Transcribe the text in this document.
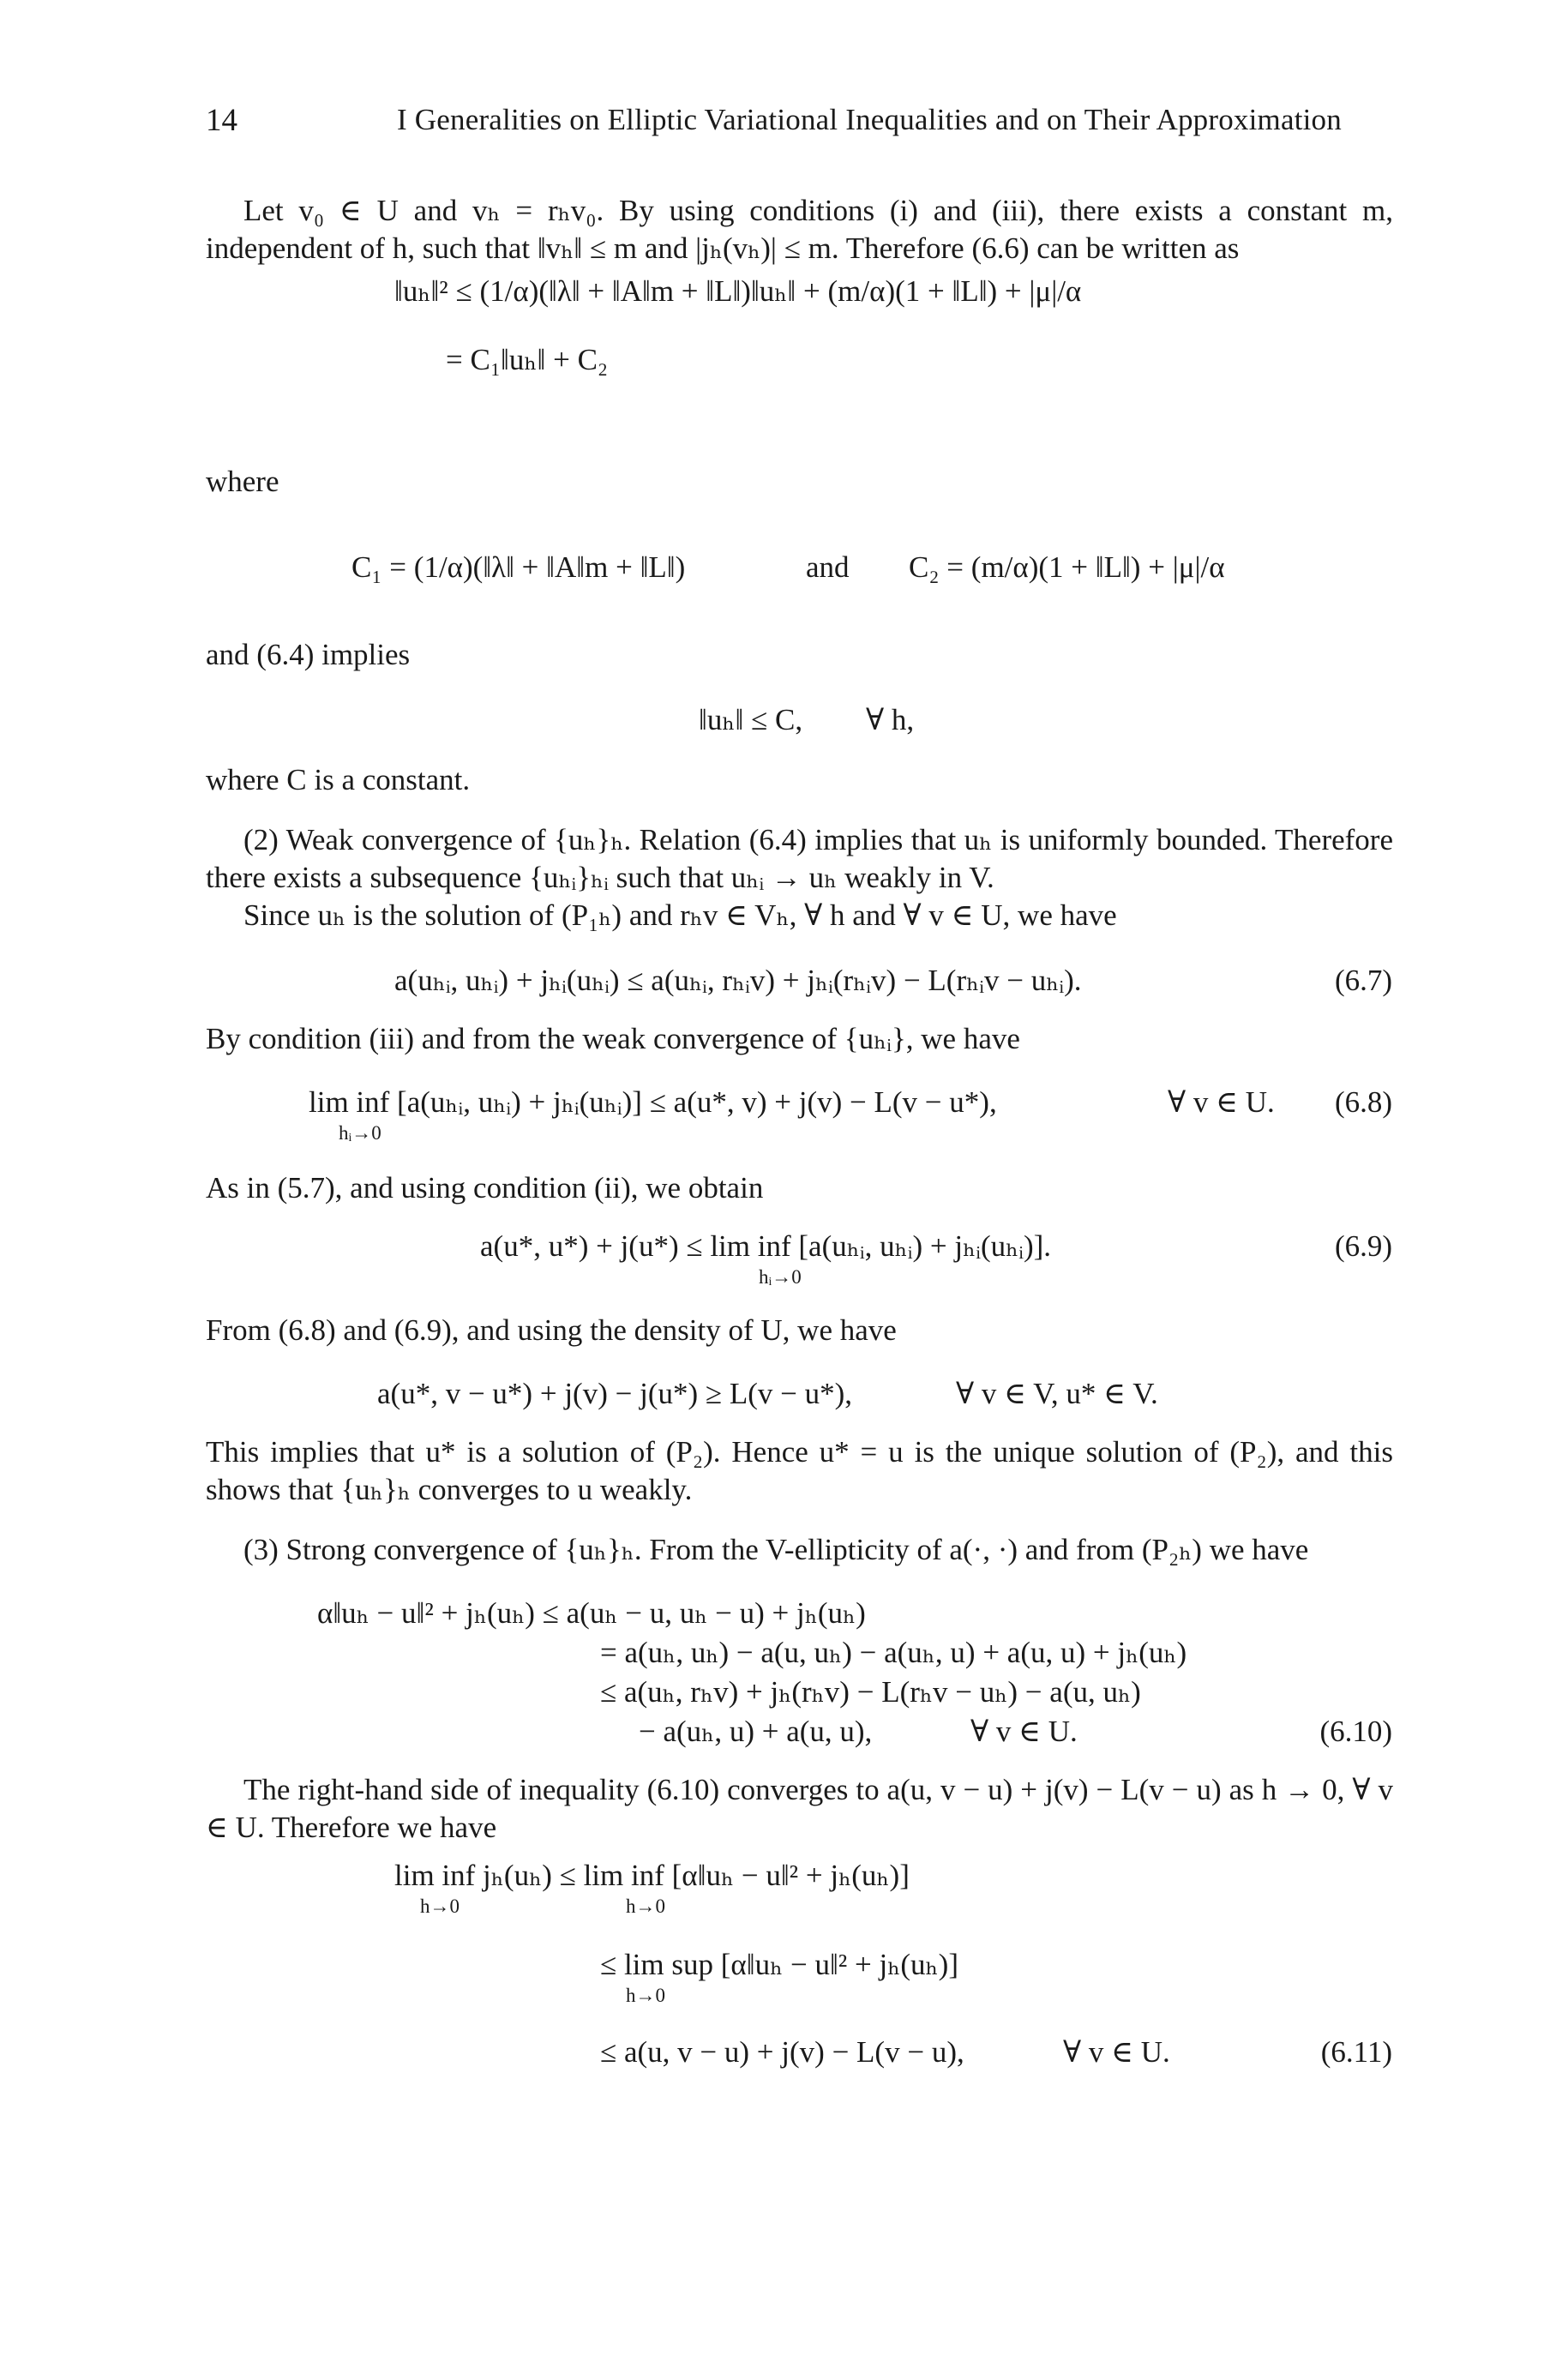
14	I Generalities on Elliptic Variational Inequalities and on Their Approximation
Let v₀ ∈ U and vₕ = rₕv₀. By using conditions (i) and (iii), there exists a constant m, independent of h, such that ‖vₕ‖ ≤ m and |jₕ(vₕ)| ≤ m. Therefore (6.6) can be written as
‖uₕ‖² ≤ (1/α)(‖λ‖ + ‖A‖m + ‖L‖)‖uₕ‖ + (m/α)(1 + ‖L‖) + |μ|/α
= C₁‖uₕ‖ + C₂
where
C₁ = (1/α)(‖λ‖ + ‖A‖m + ‖L‖)	and C₂ = (m/α)(1 + ‖L‖) + |μ|/α
and (6.4) implies
‖uₕ‖ ≤ C, ∀ h,
where C is a constant.
(2) Weak convergence of {uₕ}ₕ. Relation (6.4) implies that uₕ is uniformly bounded. Therefore there exists a subsequence {uₕᵢ}ₕᵢ such that uₕᵢ → uₕ weakly in V.
Since uₕ is the solution of (P₁ₕ) and rₕv ∈ Vₕ, ∀ h and ∀ v ∈ U, we have
a(uₕᵢ, uₕᵢ) + jₕᵢ(uₕᵢ) ≤ a(uₕᵢ, rₕᵢv) + jₕᵢ(rₕᵢv) − L(rₕᵢv − uₕᵢ).	(6.7)
By condition (iii) and from the weak convergence of {uₕᵢ}, we have
lim inf [a(uₕᵢ, uₕᵢ) + jₕᵢ(uₕᵢ)] ≤ a(u*, v) + j(v) − L(v − u*),
hᵢ→0
∀ v ∈ U. (6.8)
As in (5.7), and using condition (ii), we obtain
a(u*, u*) + j(u*) ≤ lim inf [a(uₕᵢ, uₕᵢ) + jₕᵢ(uₕᵢ)].
hᵢ→0
(6.9)
From (6.8) and (6.9), and using the density of U, we have
a(u*, v − u*) + j(v) − j(u*) ≥ L(v − u*),	∀ v ∈ V, u* ∈ V.
This implies that u* is a solution of (P₂). Hence u* = u is the unique solution of (P₂), and this shows that {uₕ}ₕ converges to u weakly.
(3) Strong convergence of {uₕ}ₕ. From the V-ellipticity of a(·, ·) and from (P₂ₕ) we have
α‖uₕ − u‖² + jₕ(uₕ) ≤ a(uₕ − u, uₕ − u) + jₕ(uₕ)
= a(uₕ, uₕ) − a(u, uₕ) − a(uₕ, u) + a(u, u) + jₕ(uₕ)
≤ a(uₕ, rₕv) + jₕ(rₕv) − L(rₕv − uₕ) − a(u, uₕ)
− a(uₕ, u) + a(u, u),	∀ v ∈ U.	(6.10)
The right-hand side of inequality (6.10) converges to a(u, v − u) + j(v) − L(v − u) as h → 0, ∀ v ∈ U. Therefore we have
lim inf jₕ(uₕ) ≤ lim inf [α‖uₕ − u‖² + jₕ(uₕ)]
h→0	h→0
≤ lim sup [α‖uₕ − u‖² + jₕ(uₕ)]
h→0
≤ a(u, v − u) + j(v) − L(v − u),	∀ v ∈ U.	(6.11)
